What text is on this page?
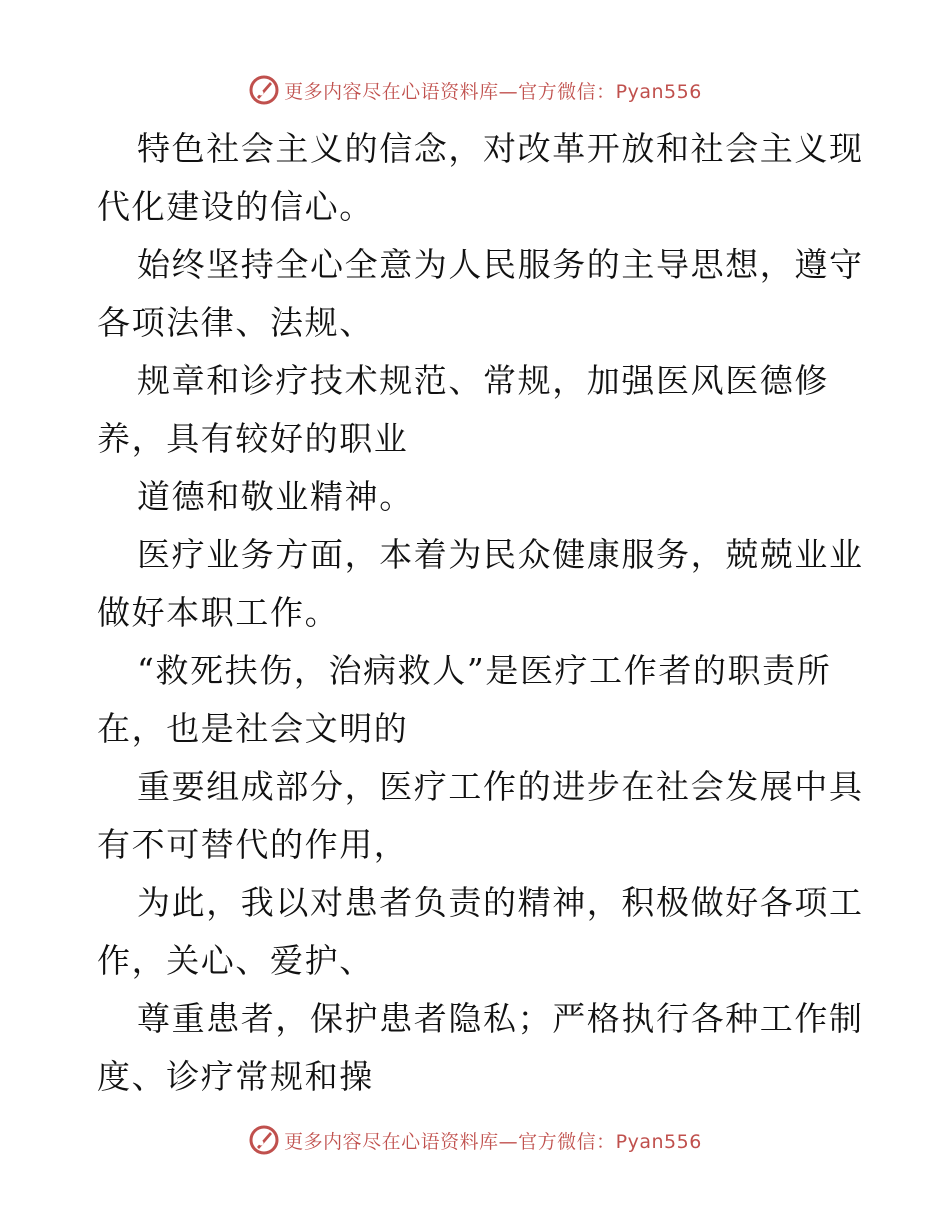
更多内容尽在心语资料库—官方微信：Pyan556
特色社会主义的信念，对改革开放和社会主义现
代化建设的信心。
始终坚持全心全意为人民服务的主导思想，遵守
各项法律、法规、
规章和诊疗技术规范、常规，加强医风医德修
养，具有较好的职业
道德和敬业精神。
医疗业务方面，本着为民众健康服务，兢兢业业
做好本职工作。
“救死扶伤，治病救人”是医疗工作者的职责所
在，也是社会文明的
重要组成部分，医疗工作的进步在社会发展中具
有不可替代的作用，
为此，我以对患者负责的精神，积极做好各项工
作，关心、爱护、
尊重患者，保护患者隐私；严格执行各种工作制
度、诊疗常规和操
更多内容尽在心语资料库—官方微信：Pyan556
